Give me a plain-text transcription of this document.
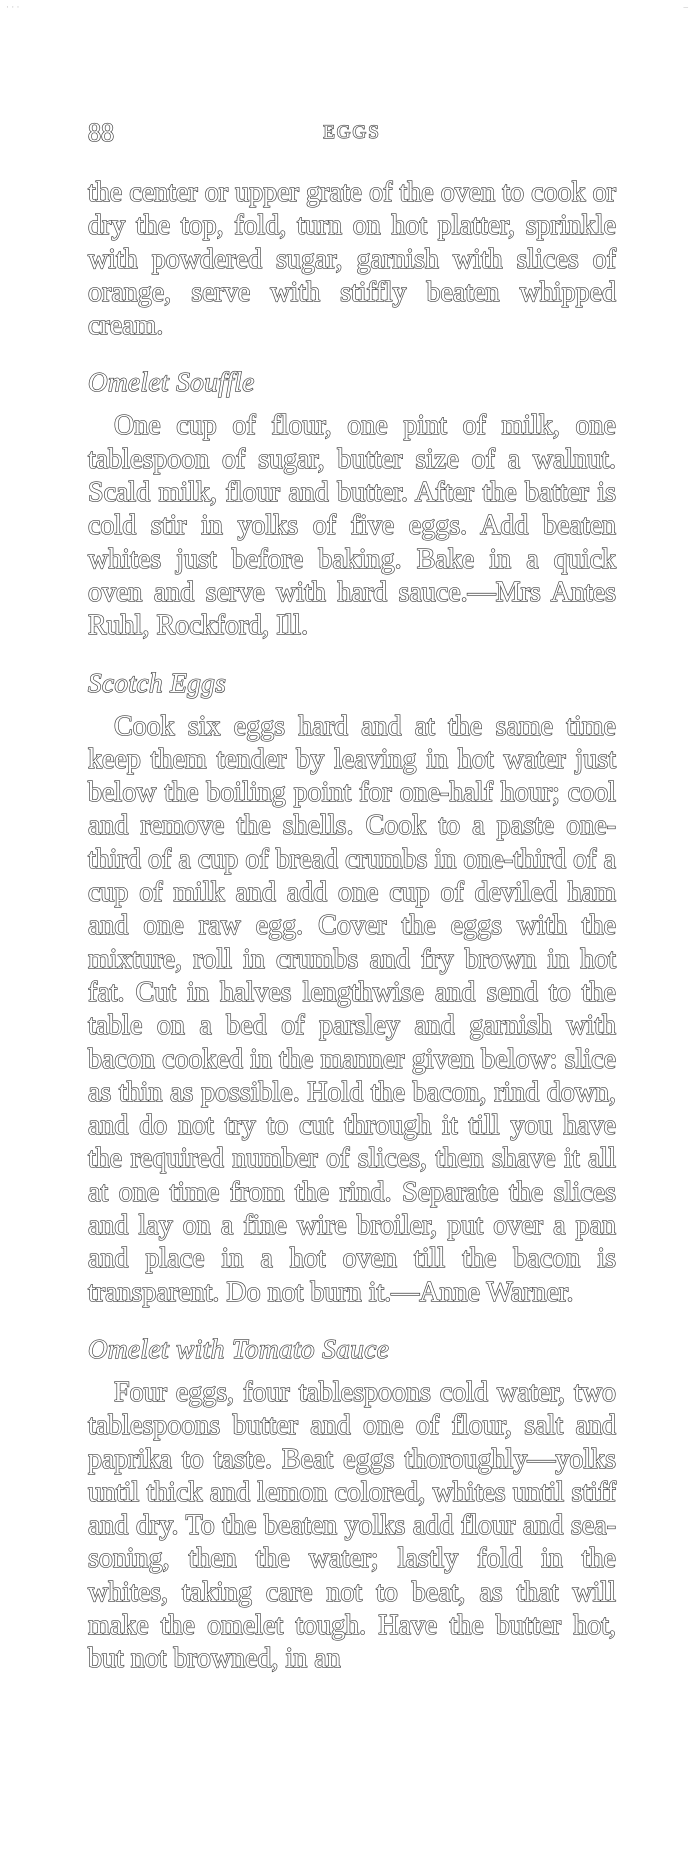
· · ·	–
88	EGGS

the center or upper grate of the oven to cook or dry the top, fold, turn on hot platter, sprinkle with powdered sugar, garnish with slices of orange, serve with stiffly beaten whipped cream.

Omelet Souffle

One cup of flour, one pint of milk, one tablespoon of sugar, butter size of a walnut. Scald milk, flour and butter. After the batter is cold stir in yolks of five eggs. Add beaten whites just before baking. Bake in a quick oven and serve with hard sauce.—Mrs Antes Ruhl, Rockford, Ill.

Scotch Eggs

Cook six eggs hard and at the same time keep them tender by leaving in hot water just below the boiling point for one-half hour; cool and remove the shells. Cook to a paste one-third of a cup of bread crumbs in one-third of a cup of milk and add one cup of deviled ham and one raw egg. Cover the eggs with the mixture, roll in crumbs and fry brown in hot fat. Cut in halves lengthwise and send to the table on a bed of parsley and garnish with bacon cooked in the manner given below: slice as thin as possible. Hold the bacon, rind down, and do not try to cut through it till you have the required number of slices, then shave it all at one time from the rind. Separate the slices and lay on a fine wire broiler, put over a pan and place in a hot oven till the bacon is transparent. Do not burn it.—Anne Warner.

Omelet with Tomato Sauce

Four eggs, four tablespoons cold water, two tablespoons butter and one of flour, salt and paprika to taste. Beat eggs thoroughly—yolks until thick and lemon colored, whites until stiff and dry. To the beaten yolks add flour and seasoning, then the water; lastly fold in the whites, taking care not to beat, as that will make the omelet tough. Have the butter hot, but not browned, in an
